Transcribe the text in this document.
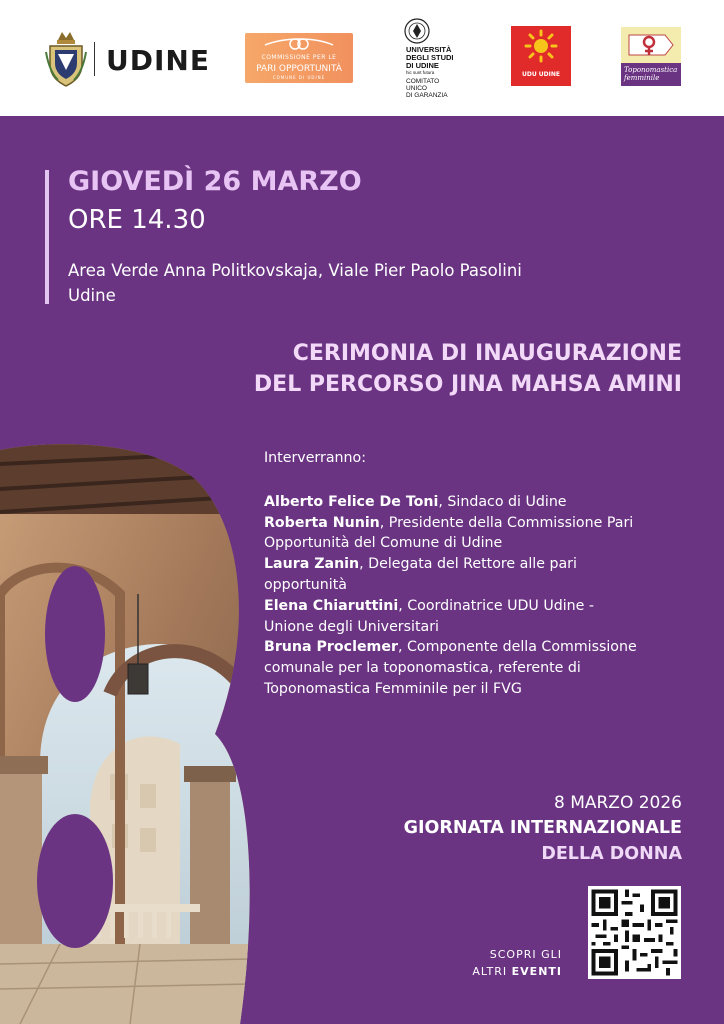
UDINE	COMMISSIONE PER LE
PARI OPPORTUNITÀ
COMUNE DI UDINE
UNIVERSITÀ
DEGLI STUDI
DI UDINE
hic sunt futura
COMITATO
UNICO
DI GARANZIA
UDU UDINE
Toponomastica
femminile
GIOVEDÌ 26 MARZO
ORE 14.30
Area Verde Anna Politkovskaja, Viale Pier Paolo Pasolini
Udine
CERIMONIA DI INAUGURAZIONE
DEL PERCORSO JINA MAHSA AMINI

Interverranno:

Alberto Felice De Toni, Sindaco di Udine

Roberta Nunin, Presidente della Commissione Pari Opportunità del Comune di Udine

Laura Zanin, Delegata del Rettore alle pari opportunità

Elena Chiaruttini, Coordinatrice UDU Udine - Unione degli Universitari

Bruna Proclemer, Componente della Commissione comunale per la toponomastica, referente di Toponomastica Femminile per il FVG

8 MARZO 2026
GIORNATA INTERNAZIONALE
DELLA DONNA
SCOPRI GLI
ALTRI EVENTI
